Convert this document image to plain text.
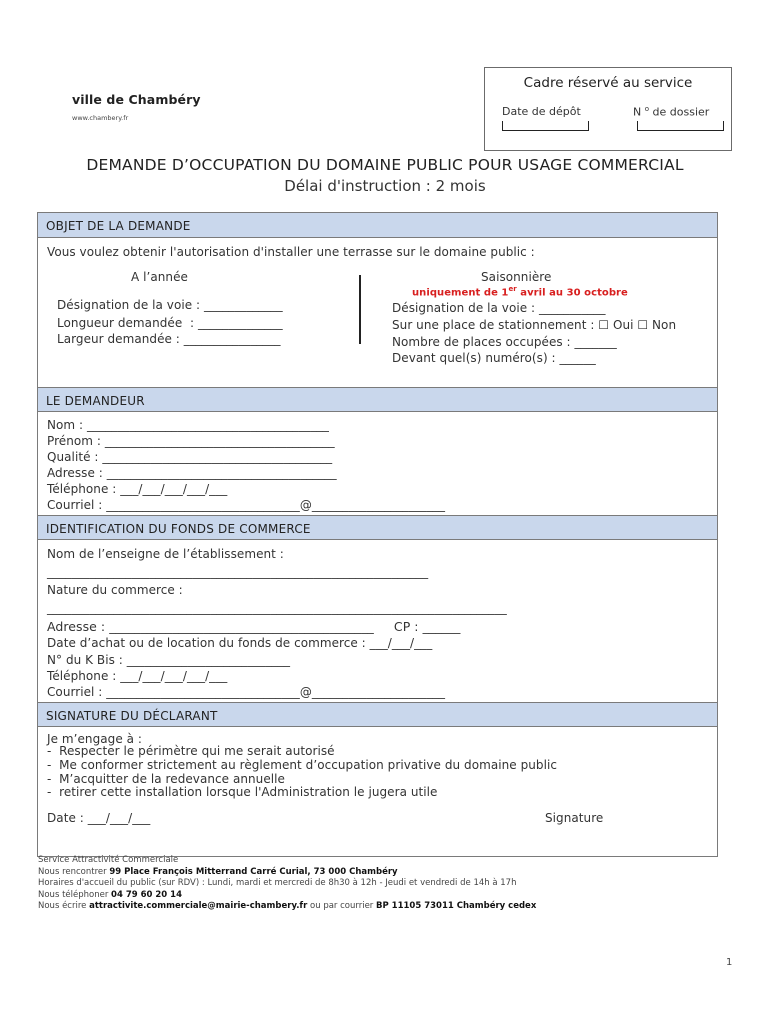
ville de Chambéry
www.chambery.fr
Cadre réservé au service
Date de dépôt	N $^o$ de dossier
DEMANDE D’OCCUPATION DU DOMAINE PUBLIC POUR USAGE COMMERCIAL
Délai d'instruction : 2 mois
OBJET DE LA DEMANDE
Vous voulez obtenir l'autorisation d'installer une terrasse sur le domaine public :
A l’année
Désignation de la voie : _____________
Longueur demandée  : ______________
Largeur demandée : ________________
Saisonnière
uniquement de 1er avril au 30 octobre
Désignation de la voie : ___________
Sur une place de stationnement : ☐ Oui ☐ Non
Nombre de places occupées : _______
Devant quel(s) numéro(s) : ______
LE DEMANDEUR
Nom : ________________________________________
Prénom : ______________________________________
Qualité : ______________________________________
Adresse : ______________________________________
Téléphone : ___/___/___/___/___
Courriel : ________________________________@______________________
IDENTIFICATION DU FONDS DE COMMERCE
Nom de l’enseigne de l’établissement :
_______________________________________________________________
Nature du commerce :
____________________________________________________________________________
Adresse : __________________________________________     CP : ______
Date d’achat ou de location du fonds de commerce : ___/___/___
N° du K Bis : ___________________________
Téléphone : ___/___/___/___/___
Courriel : ________________________________@______________________
SIGNATURE DU DÉCLARANT
Je m’engage à :
-  Respecter le périmètre qui me serait autorisé
-  Me conformer strictement au règlement d’occupation privative du domaine public
-  M’acquitter de la redevance annuelle
-  retirer cette installation lorsque l'Administration le jugera utile
Date : ___/___/___	Signature
Service Attractivité Commerciale
Nous rencontrer 99 Place François Mitterrand Carré Curial, 73 000 Chambéry
Horaires d'accueil du public (sur RDV) : Lundi, mardi et mercredi de 8h30 à 12h - Jeudi et vendredi de 14h à 17h
Nous téléphoner 04 79 60 20 14
Nous écrire attractivite.commerciale@mairie-chambery.fr ou par courrier BP 11105 73011 Chambéry cedex
1
